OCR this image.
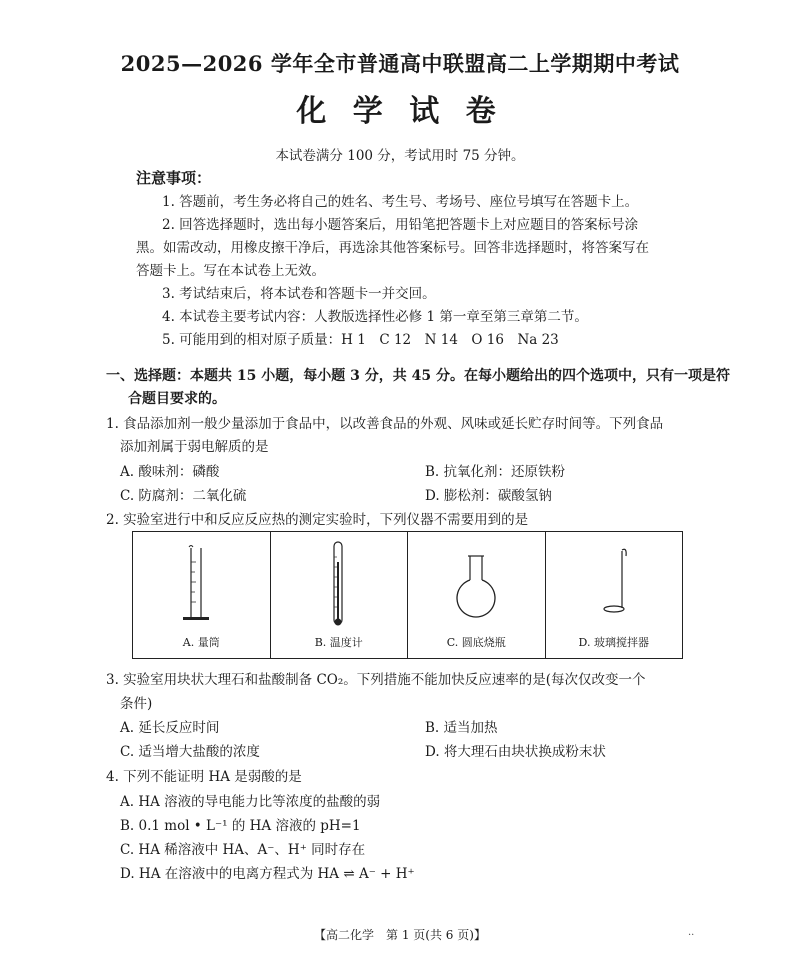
2025—2026 学年全市普通高中联盟高二上学期期中考试
化 学 试 卷
本试卷满分 100 分，考试用时 75 分钟。
注意事项：
1. 答题前，考生务必将自己的姓名、考生号、考场号、座位号填写在答题卡上。
2. 回答选择题时，选出每小题答案后，用铅笔把答题卡上对应题目的答案标号涂
黑。如需改动，用橡皮擦干净后，再选涂其他答案标号。回答非选择题时，将答案写在
答题卡上。写在本试卷上无效。
3. 考试结束后，将本试卷和答题卡一并交回。
4. 本试卷主要考试内容：人教版选择性必修 1 第一章至第三章第二节。
5. 可能用到的相对原子质量：H 1　C 12　N 14　O 16　Na 23
一、选择题：本题共 15 小题，每小题 3 分，共 45 分。在每小题给出的四个选项中，只有一项是符
合题目要求的。
1. 食品添加剂一般少量添加于食品中，以改善食品的外观、风味或延长贮存时间等。下列食品
添加剂属于弱电解质的是
A. 酸味剂：磷酸	B. 抗氧化剂：还原铁粉
C. 防腐剂：二氧化硫	D. 膨松剂：碳酸氢钠
2. 实验室进行中和反应反应热的测定实验时，下列仪器不需要用到的是
A. 量筒	B. 温度计	C. 圆底烧瓶	D. 玻璃搅拌器
3. 实验室用块状大理石和盐酸制备 CO₂。下列措施不能加快反应速率的是(每次仅改变一个
条件)
A. 延长反应时间	B. 适当加热
C. 适当增大盐酸的浓度	D. 将大理石由块状换成粉末状
4. 下列不能证明 HA 是弱酸的是
A. HA 溶液的导电能力比等浓度的盐酸的弱
B. 0.1 mol • L⁻¹ 的 HA 溶液的 pH=1
C. HA 稀溶液中 HA、A⁻、H⁺ 同时存在
D. HA 在溶液中的电离方程式为 HA ⇌ A⁻ + H⁺
【高二化学　第 1 页(共 6 页)】	··
